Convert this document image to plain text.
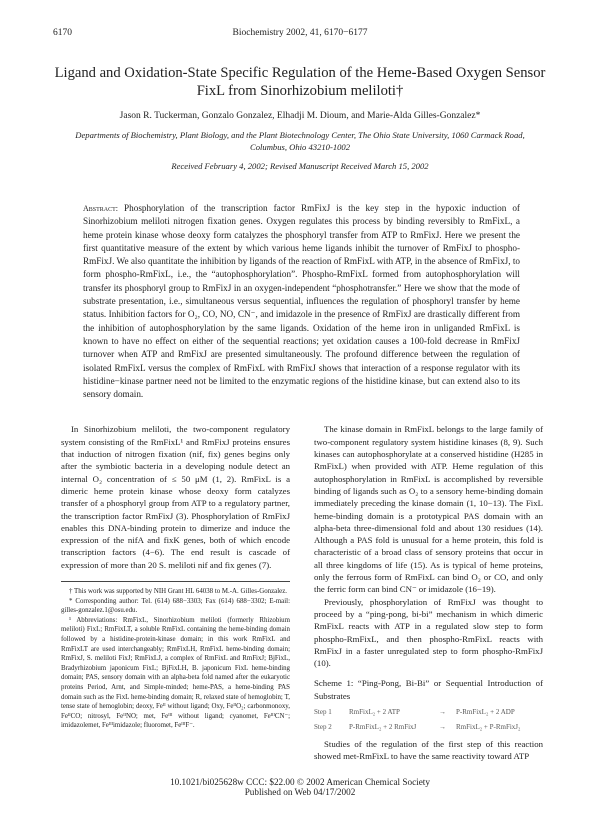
6170	Biochemistry 2002, 41, 6170−6177
Ligand and Oxidation-State Specific Regulation of the Heme-Based Oxygen Sensor FixL from Sinorhizobium meliloti†
Jason R. Tuckerman, Gonzalo Gonzalez, Elhadji M. Dioum, and Marie-Alda Gilles-Gonzalez*
Departments of Biochemistry, Plant Biology, and the Plant Biotechnology Center, The Ohio State University, 1060 Carmack Road, Columbus, Ohio 43210-1002
Received February 4, 2002; Revised Manuscript Received March 15, 2002
Abstract: Phosphorylation of the transcription factor RmFixJ is the key step in the hypoxic induction of Sinorhizobium meliloti nitrogen fixation genes. Oxygen regulates this process by binding reversibly to RmFixL, a heme protein kinase whose deoxy form catalyzes the phosphoryl transfer from ATP to RmFixJ. Here we present the first quantitative measure of the extent by which various heme ligands inhibit the turnover of RmFixJ to phospho-RmFixJ. We also quantitate the inhibition by ligands of the reaction of RmFixL with ATP, in the absence of RmFixJ, to form phospho-RmFixL, i.e., the “autophosphorylation”. Phospho-RmFixL formed from autophosphorylation will transfer its phosphoryl group to RmFixJ in an oxygen-independent “phosphotransfer.” Here we show that the mode of substrate presentation, i.e., simultaneous versus sequential, influences the regulation of phosphoryl transfer by heme status. Inhibition factors for O₂, CO, NO, CN⁻, and imidazole in the presence of RmFixJ are drastically different from the inhibition of autophosphorylation by the same ligands. Oxidation of the heme iron in unliganded RmFixL is known to have no effect on either of the sequential reactions; yet oxidation causes a 100-fold decrease in RmFixJ turnover when ATP and RmFixJ are presented simultaneously. The profound difference between the regulation of isolated RmFixL versus the complex of RmFixL with RmFixJ shows that interaction of a response regulator with its histidine−kinase partner need not be limited to the enzymatic regions of the histidine kinase, but can extend also to its sensory domain.

In Sinorhizobium meliloti, the two-component regulatory system consisting of the RmFixL¹ and RmFixJ proteins ensures that induction of nitrogen fixation (nif, fix) genes begins only after the symbiotic bacteria in a developing nodule detect an internal O₂ concentration of ≤ 50 μM (1, 2). RmFixL is a dimeric heme protein kinase whose deoxy form catalyzes transfer of a phosphoryl group from ATP to a regulatory partner, the transcription factor RmFixJ (3). Phosphorylation of RmFixJ enables this DNA-binding protein to dimerize and induce the expression of the nifA and fixK genes, both of which encode transcription factors (4−6). The end result is cascade of expression of more than 20 S. meliloti nif and fix genes (7).

† This work was supported by NIH Grant HL 64038 to M.-A. Gilles-Gonzalez.

* Corresponding author: Tel. (614) 688−3303; Fax (614) 688−3302; E-mail: gilles-gonzalez.1@osu.edu.

¹ Abbreviations: RmFixL, Sinorhizobium meliloti (formerly Rhizobium meliloti) FixL; RmFixLT, a soluble RmFixL containing the heme-binding domain followed by a histidine-protein-kinase domain; in this work RmFixL and RmFixLT are used interchangeably; RmFixLH, RmFixL heme-binding domain; RmFixJ, S. meliloti FixJ; RmFixLJ, a complex of RmFixL and RmFixJ; BjFixL, Bradyrhizobium japonicum FixL; BjFixLH, B. japonicum FixL heme-binding domain; PAS, sensory domain with an alpha-beta fold named after the eukaryotic proteins Period, Arnt, and Simple-minded; heme-PAS, a heme-binding PAS domain such as the FixL heme-binding domain; R, relaxed state of hemoglobin; T, tense state of hemoglobin; deoxy, Feᴵᴵ without ligand; Oxy, FeᴵᴵO₂; carbonmonoxy, FeᴵᴵCO; nitrosyl, FeᴵᴵNO; met, Feᴵᴵᴵ without ligand; cyanomet, FeᴵᴵᴵCN⁻; imidazolemet, Feᴵᴵᴵimidazole; fluoromet, FeᴵᴵᴵF⁻.

The kinase domain in RmFixL belongs to the large family of two-component regulatory system histidine kinases (8, 9). Such kinases can autophosphorylate at a conserved histidine (H285 in RmFixL) when provided with ATP. Heme regulation of this autophosphorylation in RmFixL is accomplished by reversible binding of ligands such as O₂ to a sensory heme-binding domain immediately preceding the kinase domain (1, 10−13). The FixL heme-binding domain is a prototypical PAS domain with an alpha-beta three-dimensional fold and about 130 residues (14). Although a PAS fold is unusual for a heme protein, this fold is characteristic of a broad class of sensory proteins that occur in all three kingdoms of life (15). As is typical of heme proteins, only the ferrous form of RmFixL can bind O₂ or CO, and only the ferric form can bind CN⁻ or imidazole (16−19).

Previously, phosphorylation of RmFixJ was thought to proceed by a “ping-pong, bi-bi” mechanism in which dimeric RmFixL reacts with ATP in a regulated slow step to form phospho-RmFixL, and then phospho-RmFixL reacts with RmFixJ in a faster unregulated step to form phospho-RmFixJ (10).

Scheme 1: “Ping-Pong, Bi-Bi” or Sequential Introduction of Substrates

Step 1	RmFixL₂ + 2 ATP	→	P-RmFixL₂ + 2 ADP
Step 2	P-RmFixL₂ + 2 RmFixJ	→	RmFixL₂ + P-RmFixJ₂

Studies of the regulation of the first step of this reaction showed met-RmFixL to have the same reactivity toward ATP

10.1021/bi025628w CCC: $22.00 © 2002 American Chemical Society
Published on Web 04/17/2002
